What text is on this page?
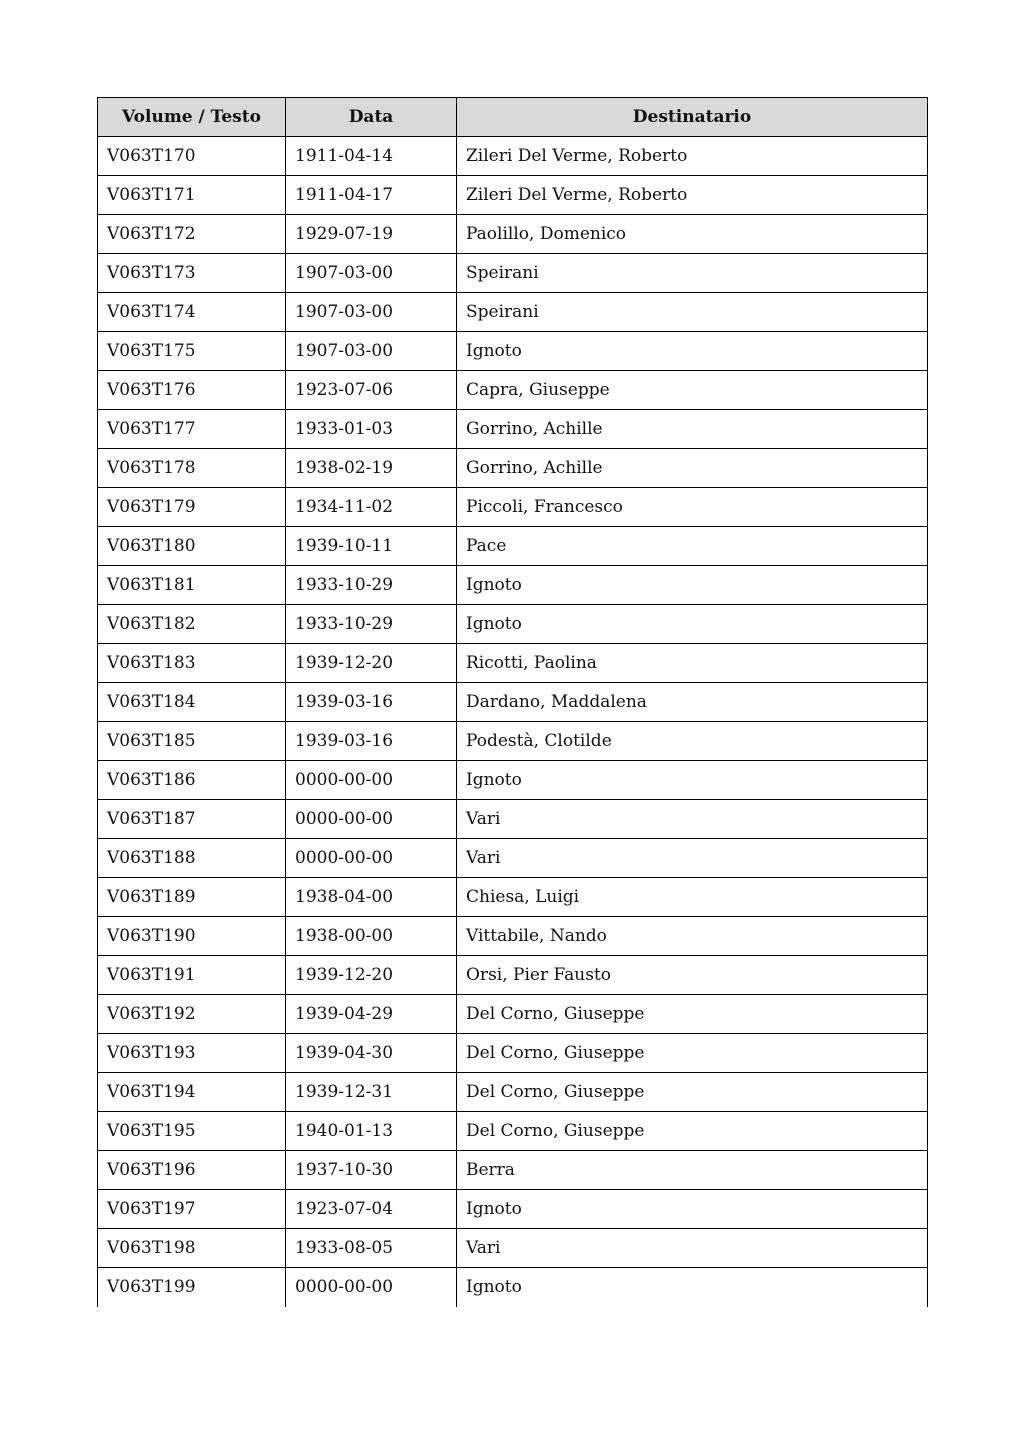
Volume / Testo	Data	Destinatario
V063T170	1911-04-14	Zileri Del Verme, Roberto
V063T171	1911-04-17	Zileri Del Verme, Roberto
V063T172	1929-07-19	Paolillo, Domenico
V063T173	1907-03-00	Speirani
V063T174	1907-03-00	Speirani
V063T175	1907-03-00	Ignoto
V063T176	1923-07-06	Capra, Giuseppe
V063T177	1933-01-03	Gorrino, Achille
V063T178	1938-02-19	Gorrino, Achille
V063T179	1934-11-02	Piccoli, Francesco
V063T180	1939-10-11	Pace
V063T181	1933-10-29	Ignoto
V063T182	1933-10-29	Ignoto
V063T183	1939-12-20	Ricotti, Paolina
V063T184	1939-03-16	Dardano, Maddalena
V063T185	1939-03-16	Podestà, Clotilde
V063T186	0000-00-00	Ignoto
V063T187	0000-00-00	Vari
V063T188	0000-00-00	Vari
V063T189	1938-04-00	Chiesa, Luigi
V063T190	1938-00-00	Vittabile, Nando
V063T191	1939-12-20	Orsi, Pier Fausto
V063T192	1939-04-29	Del Corno, Giuseppe
V063T193	1939-04-30	Del Corno, Giuseppe
V063T194	1939-12-31	Del Corno, Giuseppe
V063T195	1940-01-13	Del Corno, Giuseppe
V063T196	1937-10-30	Berra
V063T197	1923-07-04	Ignoto
V063T198	1933-08-05	Vari
V063T199	0000-00-00	Ignoto
